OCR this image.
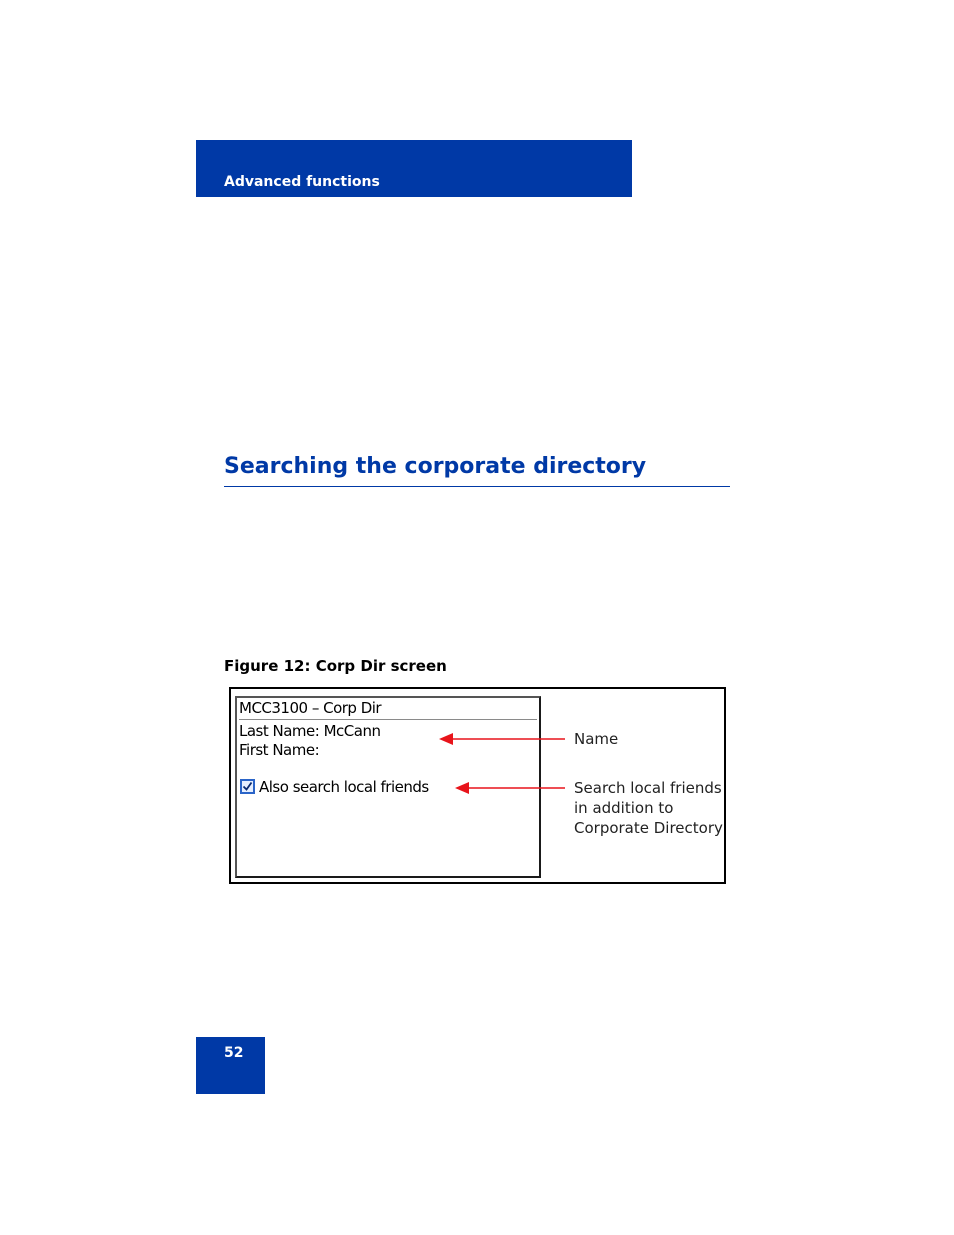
Advanced functions
Searching the corporate directory
Figure 12: Corp Dir screen
MCC3100 – Corp Dir
Last Name: McCann
First Name:
Also search local friends
Name
Search local friends
in addition to
Corporate Directory
52
